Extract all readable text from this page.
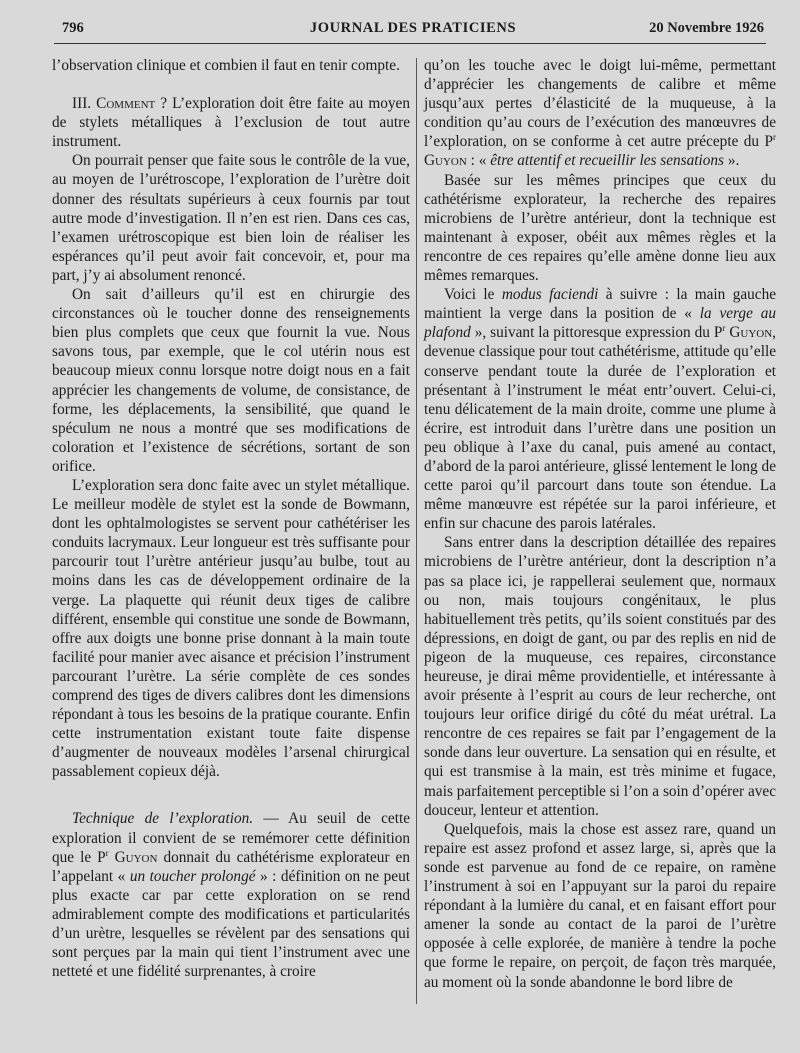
796	JOURNAL DES PRATICIENS	20 Novembre 1926

l’observation clinique et combien il faut en tenir compte.

III. Comment ? L’exploration doit être faite au moyen de stylets métalliques à l’exclusion de tout autre instrument.

On pourrait penser que faite sous le contrôle de la vue, au moyen de l’urétroscope, l’exploration de l’urètre doit donner des résultats supérieurs à ceux fournis par tout autre mode d’investigation. Il n’en est rien. Dans ces cas, l’examen urétroscopique est bien loin de réaliser les espérances qu’il peut avoir fait concevoir, et, pour ma part, j’y ai absolument renoncé.

On sait d’ailleurs qu’il est en chirurgie des circonstances où le toucher donne des renseignements bien plus complets que ceux que fournit la vue. Nous savons tous, par exemple, que le col utérin nous est beaucoup mieux connu lorsque notre doigt nous en a fait apprécier les changements de volume, de consistance, de forme, les déplacements, la sensibilité, que quand le spéculum ne nous a montré que ses modifications de coloration et l’existence de sécrétions, sortant de son orifice.

L’exploration sera donc faite avec un stylet métallique. Le meilleur modèle de stylet est la sonde de Bowmann, dont les ophtalmologistes se servent pour cathétériser les conduits lacrymaux. Leur longueur est très suffisante pour parcourir tout l’urètre antérieur jusqu’au bulbe, tout au moins dans les cas de développement ordinaire de la verge. La plaquette qui réunit deux tiges de calibre différent, ensemble qui constitue une sonde de Bowmann, offre aux doigts une bonne prise donnant à la main toute facilité pour manier avec aisance et précision l’instrument parcourant l’urètre. La série complète de ces sondes comprend des tiges de divers calibres dont les dimensions répondant à tous les besoins de la pratique courante. Enfin cette instrumentation existant toute faite dispense d’augmenter de nouveaux modèles l’arsenal chirurgical passablement copieux déjà.

Technique de l’exploration. — Au seuil de cette exploration il convient de se remémorer cette définition que le $P^r$ Guyon donnait du cathétérisme explorateur en l’appelant « un toucher prolongé » : définition on ne peut plus exacte car par cette exploration on se rend admirablement compte des modifications et particularités d’un urètre, lesquelles se révèlent par des sensations qui sont perçues par la main qui tient l’instrument avec une netteté et une fidélité surprenantes, à croire

qu’on les touche avec le doigt lui-même, permettant d’apprécier les changements de calibre et même jusqu’aux pertes d’élasticité de la muqueuse, à la condition qu’au cours de l’exécution des manœuvres de l’exploration, on se conforme à cet autre précepte du $P^r$ Guyon : « être attentif et recueillir les sensations ».

Basée sur les mêmes principes que ceux du cathétérisme explorateur, la recherche des repaires microbiens de l’urètre antérieur, dont la technique est maintenant à exposer, obéit aux mêmes règles et la rencontre de ces repaires qu’elle amène donne lieu aux mêmes remarques.

Voici le modus faciendi à suivre : la main gauche maintient la verge dans la position de « la verge au plafond », suivant la pittoresque expression du $P^r$ Guyon, devenue classique pour tout cathétérisme, attitude qu’elle conserve pendant toute la durée de l’exploration et présentant à l’instrument le méat entr’ouvert. Celui-ci, tenu délicatement de la main droite, comme une plume à écrire, est introduit dans l’urètre dans une position un peu oblique à l’axe du canal, puis amené au contact, d’abord de la paroi antérieure, glissé lentement le long de cette paroi qu’il parcourt dans toute son étendue. La même manœuvre est répétée sur la paroi inférieure, et enfin sur chacune des parois latérales.

Sans entrer dans la description détaillée des repaires microbiens de l’urètre antérieur, dont la description n’a pas sa place ici, je rappellerai seulement que, normaux ou non, mais toujours congénitaux, le plus habituellement très petits, qu’ils soient constitués par des dépressions, en doigt de gant, ou par des replis en nid de pigeon de la muqueuse, ces repaires, circonstance heureuse, je dirai même providentielle, et intéressante à avoir présente à l’esprit au cours de leur recherche, ont toujours leur orifice dirigé du côté du méat urétral. La rencontre de ces repaires se fait par l’engagement de la sonde dans leur ouverture. La sensation qui en résulte, et qui est transmise à la main, est très minime et fugace, mais parfaitement perceptible si l’on a soin d’opérer avec douceur, lenteur et attention.

Quelquefois, mais la chose est assez rare, quand un repaire est assez profond et assez large, si, après que la sonde est parvenue au fond de ce repaire, on ramène l’instrument à soi en l’appuyant sur la paroi du repaire répondant à la lumière du canal, et en faisant effort pour amener la sonde au contact de la paroi de l’urètre opposée à celle explorée, de manière à tendre la poche que forme le repaire, on perçoit, de façon très marquée, au moment où la sonde abandonne le bord libre de
